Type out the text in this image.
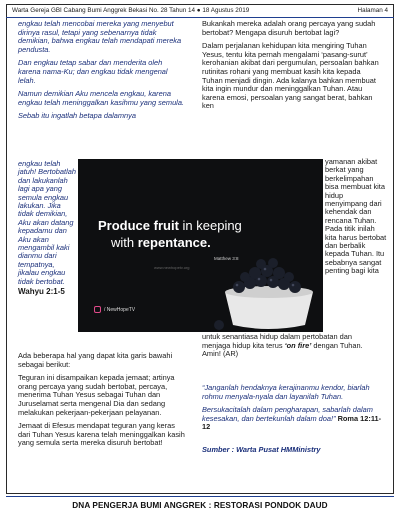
Warta Gereja GBI Cabang Bumi Anggrek Bekasi No. 28 Tahun 14 ● 18 Agustus 2019	Halaman 4

engkau telah mencobai mereka yang menyebut dirinya rasul, tetapi yang sebenarnya tidak demikian, bahwa engkau telah mendapati mereka pendusta.

Dan engkau tetap sabar dan menderita oleh karena nama-Ku; dan engkau tidak mengenal lelah.

Namun demikian Aku mencela engkau, karena engkau telah meninggalkan kasihmu yang semula.

Sebab itu ingatlah betapa dalamnya

engkau telah jatuh! Bertobatlah dan lakukanlah lagi apa yang semula engkau lakukan. Jika tidak demikian, Aku akan datang kepadamu dan Aku akan mengambil kaki dianmu dari tempatnya, jikalau engkau tidak bertobat.
Wahyu 2:1-5

Bukankah mereka adalah orang percaya yang sudah bertobat? Mengapa disuruh bertobat lagi?

Dalam perjalanan kehidupan kita mengiring Tuhan Yesus, tentu kita pernah mengalami ‘pasang-surut’ kerohanian akibat dari pergumulan, persoalan bahkan rutinitas rohani yang membuat kasih kita kepada Tuhan menjadi dingin. Ada kalanya bahkan membuat kita ingin mundur dan meninggalkan Tuhan. Atau karena emosi, persoalan yang sangat berat, bahkan ken

yamanan akibat berkat yang berkelimpahan bisa membuat kita hidup menyimpang dari kehendak dan rencana Tuhan. Pada titik inilah kita harus bertobat dan berbalik kepada Tuhan. Itu sebabnya sangat penting bagi kita
Produce fruit in keeping
with repentance.
Matthew 3:8
www.newhopetv.org
/ NewHopeTV
untuk senantiasa hidup dalam pertobatan dan menjaga hidup kita terus ‘on fire’ dengan Tuhan. Amin! (AR)

Ada beberapa hal yang dapat kita garis bawahi sebagai berikut:

Teguran ini disampaikan kepada jemaat; artinya orang percaya yang sudah bertobat, percaya, menerima Tuhan Yesus sebagai Tuhan dan Juruselamat serta mengenal Dia dan sedang melakukan pekerjaan-pekerjaan pelayanan.

Jemaat di Efesus mendapat teguran yang keras dari Tuhan Yesus karena telah meninggalkan kasih yang semula serta mereka disuruh bertobat!

“Janganlah hendaknya kerajinanmu kendor, biarlah rohmu menyala-nyala dan layanilah Tuhan.

Bersukacitalah dalam pengharapan, sabarlah dalam kesesakan, dan bertekunlah dalam doa!” Roma 12:11-12

Sumber : Warta Pusat HMMinistry

DNA PENGERJA BUMI ANGGREK : RESTORASI PONDOK DAUD
